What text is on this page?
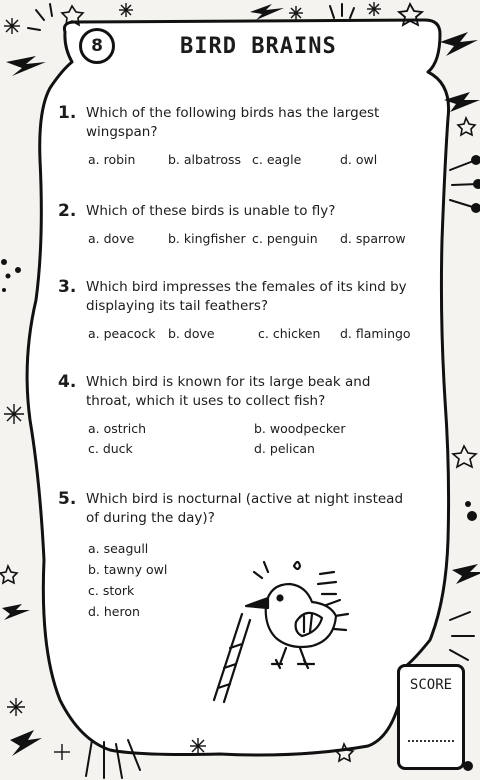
8	BIRD BRAINS
1. Which of the following birds has the largest wingspan?
a. robin	b. albatross c. eagle	d. owl
2. Which of these birds is unable to fly?
a. dove	b. kingfisher c. penguin d. sparrow
3. Which bird impresses the females of its kind by displaying its tail feathers?
a. peacock b. dove	c. chicken d. flamingo
4. Which bird is known for its large beak and throat, which it uses to collect fish?
a. ostrich	b. woodpecker
c. duck	d. pelican
5. Which bird is nocturnal (active at night instead of during the day)?
a. seagull
b. tawny owl
c. stork
d. heron
SCORE
